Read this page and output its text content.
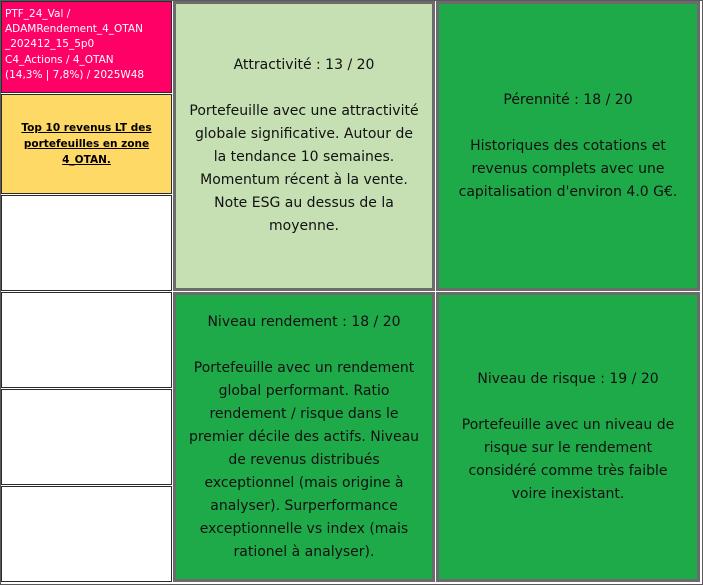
PTF_24_Val /
ADAMRendement_4_OTAN
_202412_15_5p0
C4_Actions / 4_OTAN
(14,3% | 7,8%) / 2025W48
Top 10 revenus LT des portefeuilles en zone 4_OTAN.
Attractivité : 13 / 20
Portefeuille avec une attractivité
globale significative. Autour de
la tendance 10 semaines.
Momentum récent à la vente.
Note ESG au dessus de la
moyenne.
Pérennité : 18 / 20
Historiques des cotations et
revenus complets avec une
capitalisation d'environ 4.0 G€.
Niveau rendement : 18 / 20
Portefeuille avec un rendement
global performant. Ratio
rendement / risque dans le
premier décile des actifs. Niveau
de revenus distribués
exceptionnel (mais origine à
analyser). Surperformance
exceptionnelle vs index (mais
rationel à analyser).
Niveau de risque : 19 / 20
Portefeuille avec un niveau de
risque sur le rendement
considéré comme très faible
voire inexistant.
